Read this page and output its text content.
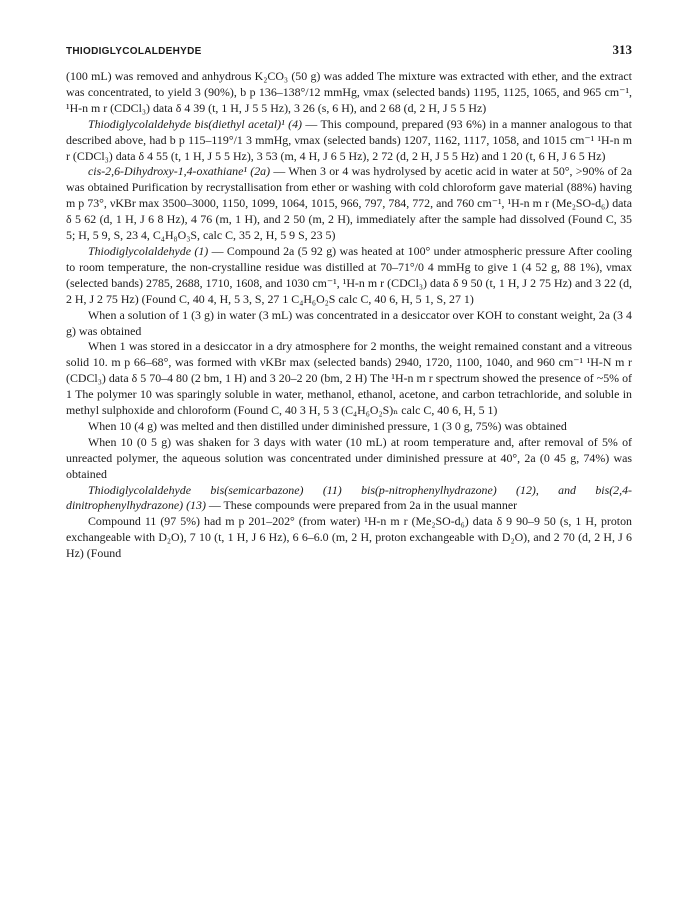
THIODIGLYCOLALDEHYDE	313

(100 mL) was removed and anhydrous K₂CO₃ (50 g) was added The mixture was extracted with ether, and the extract was concentrated, to yield 3 (90%), b p 136–138°/12 mmHg, νmax (selected bands) 1195, 1125, 1065, and 965 cm⁻¹, ¹H-n m r (CDCl₃) data δ 4 39 (t, 1 H, J 5 5 Hz), 3 26 (s, 6 H), and 2 68 (d, 2 H, J 5 5 Hz)

Thiodiglycolaldehyde bis(diethyl acetal)¹ (4) — This compound, prepared (93 6%) in a manner analogous to that described above, had b p 115–119°/1 3 mmHg, νmax (selected bands) 1207, 1162, 1117, 1058, and 1015 cm⁻¹ ¹H-n m r (CDCl₃) data δ 4 55 (t, 1 H, J 5 5 Hz), 3 53 (m, 4 H, J 6 5 Hz), 2 72 (d, 2 H, J 5 5 Hz) and 1 20 (t, 6 H, J 6 5 Hz)

cis-2,6-Dihydroxy-1,4-oxathiane¹ (2a) — When 3 or 4 was hydrolysed by acetic acid in water at 50°, >90% of 2a was obtained Purification by recrystallisation from ether or washing with cold chloroform gave material (88%) having m p 73°, νKBr max 3500–3000, 1150, 1099, 1064, 1015, 966, 797, 784, 772, and 760 cm⁻¹, ¹H-n m r (Me₂SO-d₆) data δ 5 62 (d, 1 H, J 6 8 Hz), 4 76 (m, 1 H), and 2 50 (m, 2 H), immediately after the sample had dissolved (Found C, 35 5; H, 5 9, S, 23 4, C₄H₈O₃S, calc C, 35 2, H, 5 9 S, 23 5)

Thiodiglycolaldehyde (1) — Compound 2a (5 92 g) was heated at 100° under atmospheric pressure After cooling to room temperature, the non-crystalline residue was distilled at 70–71°/0 4 mmHg to give 1 (4 52 g, 88 1%), νmax (selected bands) 2785, 2688, 1710, 1608, and 1030 cm⁻¹, ¹H-n m r (CDCl₃) data δ 9 50 (t, 1 H, J 2 75 Hz) and 3 22 (d, 2 H, J 2 75 Hz) (Found C, 40 4, H, 5 3, S, 27 1 C₄H₆O₂S calc C, 40 6, H, 5 1, S, 27 1)

When a solution of 1 (3 g) in water (3 mL) was concentrated in a desiccator over KOH to constant weight, 2a (3 4 g) was obtained

When 1 was stored in a desiccator in a dry atmosphere for 2 months, the weight remained constant and a vitreous solid 10. m p 66–68°, was formed with νKBr max (selected bands) 2940, 1720, 1100, 1040, and 960 cm⁻¹ ¹H-N m r (CDCl₃) data δ 5 70–4 80 (2 bm, 1 H) and 3 20–2 20 (bm, 2 H) The ¹H-n m r spectrum showed the presence of ~5% of 1 The polymer 10 was sparingly soluble in water, methanol, ethanol, acetone, and carbon tetrachloride, and soluble in methyl sulphoxide and chloroform (Found C, 40 3 H, 5 3 (C₄H₆O₂S)ₙ calc C, 40 6, H, 5 1)

When 10 (4 g) was melted and then distilled under diminished pressure, 1 (3 0 g, 75%) was obtained

When 10 (0 5 g) was shaken for 3 days with water (10 mL) at room temperature and, after removal of 5% of unreacted polymer, the aqueous solution was concentrated under diminished pressure at 40°, 2a (0 45 g, 74%) was obtained

Thiodiglycolaldehyde bis(semicarbazone) (11) bis(p-nitrophenylhydrazone) (12), and bis(2,4-dinitrophenylhydrazone) (13) — These compounds were prepared from 2a in the usual manner

Compound 11 (97 5%) had m p 201–202° (from water) ¹H-n m r (Me₂SO-d₆) data δ 9 90–9 50 (s, 1 H, proton exchangeable with D₂O), 7 10 (t, 1 H, J 6 Hz), 6 6–6.0 (m, 2 H, proton exchangeable with D₂O), and 2 70 (d, 2 H, J 6 Hz) (Found
